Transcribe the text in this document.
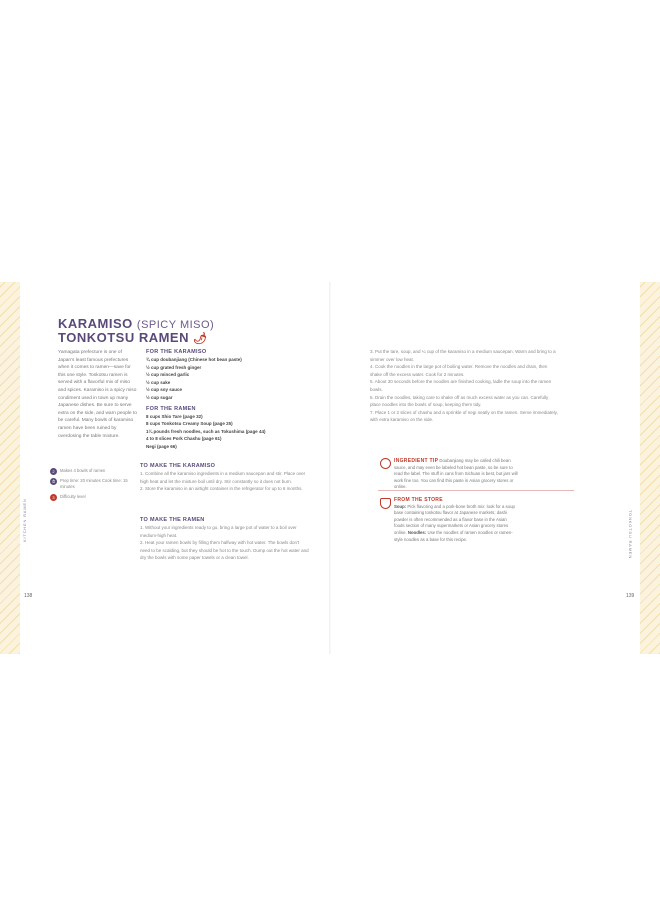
KARAMISO (SPICY MISO)
TONKOTSU RAMEN 🌶
Yamagata prefecture is one of Japan's least famous prefectures when it comes to ramen—save for this one style. Tonkotsu ramen is served with a flavorful mix of miso and spices. Karamiso is a spicy miso condiment used in town up many Japanese dishes. Be sure to serve extra on the side, and warn people to be careful. Many bowls of karamiso ramen have been ruined by overdosing the table mixture.
2	Makes 4 bowls of ramen
⏱	Prep time: 20 minutes Cook time: 15 minutes
3	Difficulty level
KITCHEN RAMEN	TONKOTSU RAMEN
138	139
FOR THE KARAMISO
¾ cup doubanjiang (Chinese hot bean paste)
½ cup grated fresh ginger
½ cup minced garlic
½ cup sake
½ cup soy sauce
½ cup sugar
FOR THE RAMEN
8 cups Shio Tare (page 32)
8 cups Tonkotsu Creamy Soup (page 25)
1¼ pounds fresh noodles, such as Tokushima (page 44)
4 to 8 slices Pork Chashu (page 61)
Negi (page 66)
TO MAKE THE KARAMISO
1. Combine all the karamiso ingredients in a medium saucepan and stir. Place over high heat and let the mixture boil until dry. Stir constantly so it does not burn.
2. Store the karamiso in an airtight container in the refrigerator for up to 6 months.
TO MAKE THE RAMEN
1. Without your ingredients ready to go, bring a large pot of water to a boil over medium-high heat.
2. Heat your ramen bowls by filling them halfway with hot water. The bowls don't need to be scalding, but they should be hot to the touch. Dump out the hot water and dry the bowls with some paper towels or a clean towel.
3. Put the tare, soup, and ¼ cup of the karamiso in a medium saucepan. Warm and bring to a simmer over low heat.
4. Cook the noodles in the large pot of boiling water. Remove the noodles and drain, then shake off the excess water. Cook for 2 minutes.
5. About 30 seconds before the noodles are finished cooking, ladle the soup into the ramen bowls.
6. Drain the noodles, taking care to shake off as much excess water as you can. Carefully place noodles into the bowls of soup, keeping them tidy.
7. Place 1 or 2 slices of chashu and a sprinkle of negi neatly on the ramen. Serve immediately, with extra karamiso on the side.
INGREDIENT TIP Doubanjiang may be called chili bean sauce, and may even be labeled hot bean paste, so be sure to read the label. The stuff in cans from Sichuan is best, but jars will work fine too. You can find this paste in Asian grocery stores or online.
FROM THE STORE
Soup: Pick flavoring and a pork-bone broth mix: look for a soup base containing tonkotsu flavor at Japanese markets; dashi powder is often recommended as a flavor base in the Asian foods section of many supermarkets or Asian grocery stores online. Noodles: Use the noodles of ramen noodles or ramen-style noodles as a base for this recipe.
